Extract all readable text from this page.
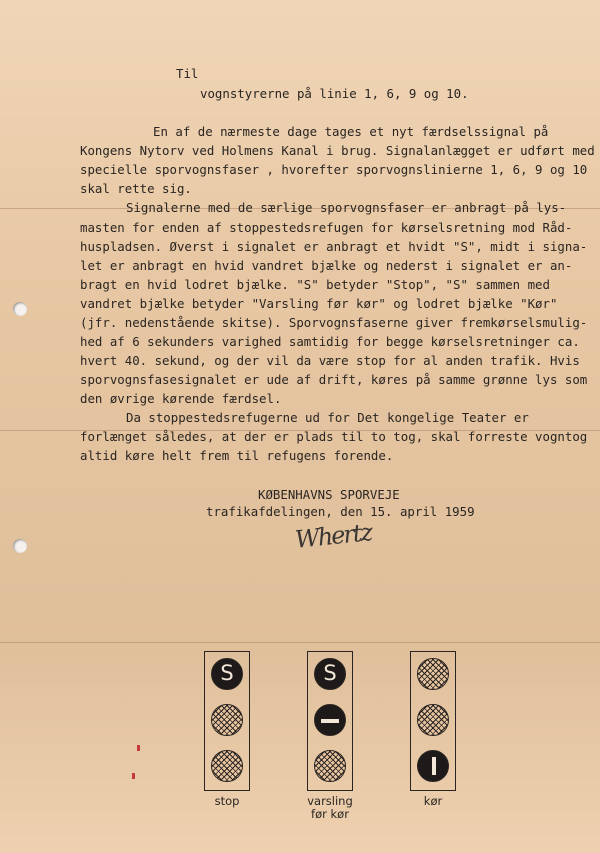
Til
vognstyrerne på linie 1, 6, 9 og 10.
En af de nærmeste dage tages et nyt færdselssignal på
Kongens Nytorv ved Holmens Kanal i brug. Signalanlægget er udført med
specielle sporvognsfaser , hvorefter sporvognslinierne 1, 6, 9 og 10
skal rette sig.
Signalerne med de særlige sporvognsfaser er anbragt på lys-
masten for enden af stoppestedsrefugen for kørselsretning mod Råd-
huspladsen. Øverst i signalet er anbragt et hvidt "S", midt i signa-
let er anbragt en hvid vandret bjælke og nederst i signalet er an-
bragt en hvid lodret bjælke. "S" betyder "Stop", "S" sammen med
vandret bjælke betyder "Varsling før kør" og lodret bjælke "Kør"
(jfr. nedenstående skitse). Sporvognsfaserne giver fremkørselsmulig-
hed af 6 sekunders varighed samtidig for begge kørselsretninger ca.
hvert 40. sekund, og der vil da være stop for al anden trafik. Hvis
sporvognsfasesignalet er ude af drift, køres på samme grønne lys som
den øvrige kørende færdsel.
Da stoppestedsrefugerne ud for Det kongelige Teater er
forlænget således, at der er plads til to tog, skal forreste vogntog
altid køre helt frem til refugens forende.
KØBENHAVNS SPORVEJE
trafikafdelingen, den 15. april 1959
Whertz
S
stop
S
varsling
før kør
kør
